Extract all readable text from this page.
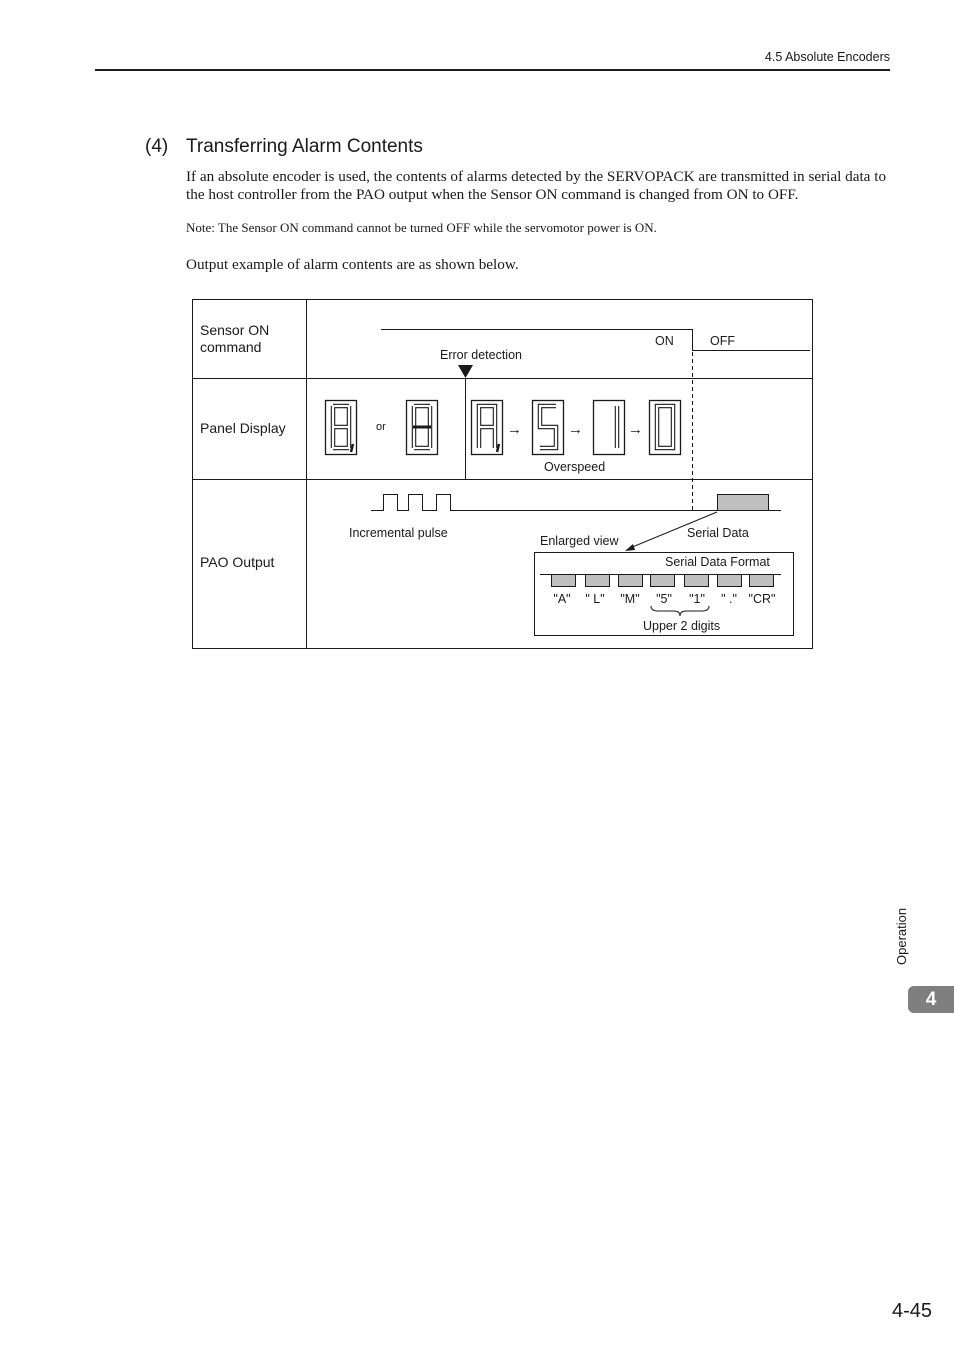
4.5 Absolute Encoders
(4) Transferring Alarm Contents
If an absolute encoder is used, the contents of alarms detected by the SERVOPACK are transmitted in serial data to the host controller from the PAO output when the Sensor ON command is changed from ON to OFF.
Note: The Sensor ON command cannot be turned OFF while the servomotor power is ON.
Output example of alarm contents are as shown below.
Sensor ON
command
Panel Display
PAO Output
ON	OFF
Error detection
or	→	→	→
Overspeed
Incremental pulse	Serial Data
Enlarged view
Serial Data Format
"A" " L" "M" "5" "1" " ." "CR"
Upper 2 digits
Operation
4
4-45
